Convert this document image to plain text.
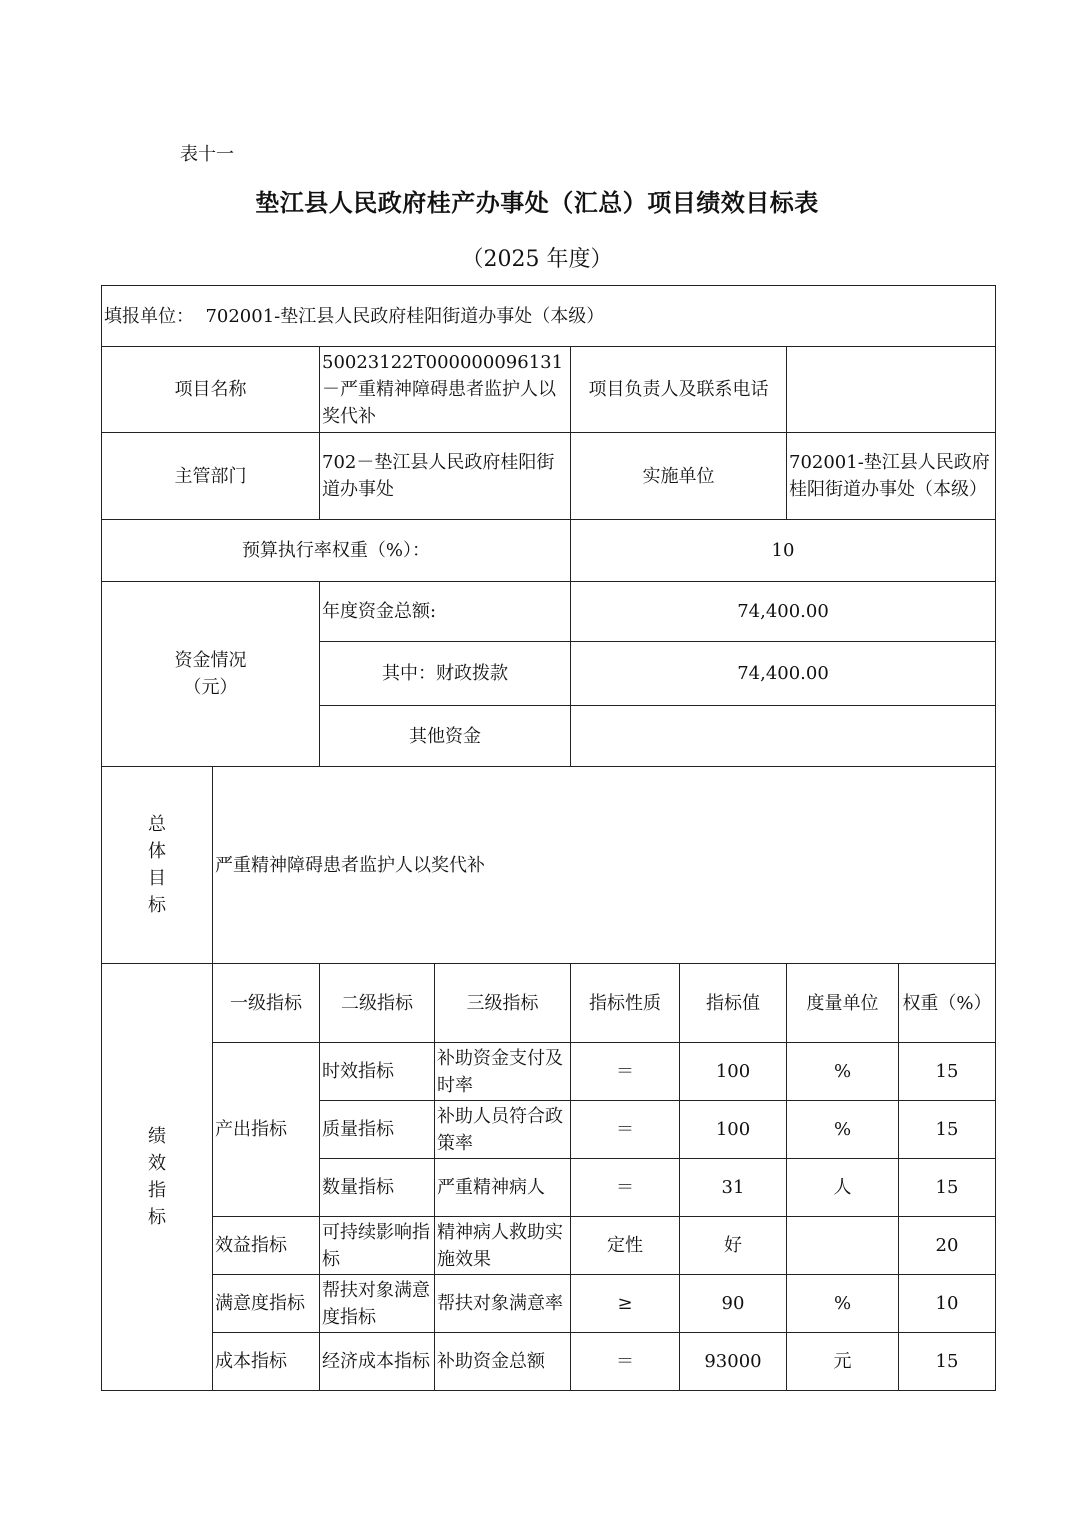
表十一
垫江县人民政府桂产办事处（汇总）项目绩效目标表
（2025 年度）
填报单位： 702001-垫江县人民政府桂阳街道办事处（本级）							
项目名称		50023122T000000096131－严重精神障碍患者监护人以奖代补		项目负责人及联系电话			
主管部门		702－垫江县人民政府桂阳街道办事处		实施单位		702001-垫江县人民政府桂阳街道办事处（本级）	
预算执行率权重（%）：				10			

资金情况
（元）		年度资金总额:		74,400.00			
		其中：财政拨款		74,400.00			
		其他资金					

总
体
目
标	严重精神障碍患者监护人以奖代补						

绩
效
指
标	一级指标	二级指标	三级指标	指标性质	指标值	度量单位	权重（%）
	产出指标	时效指标	补助资金支付及时率	＝	100	%	15
		质量指标	补助人员符合政策率	＝	100	%	15
		数量指标	严重精神病人	＝	31	人	15
	效益指标	可持续影响指标	精神病人救助实施效果	定性	好		20
	满意度指标	帮扶对象满意度指标	帮扶对象满意率	≥	90	%	10
	成本指标	经济成本指标	补助资金总额	＝	93000	元	15
